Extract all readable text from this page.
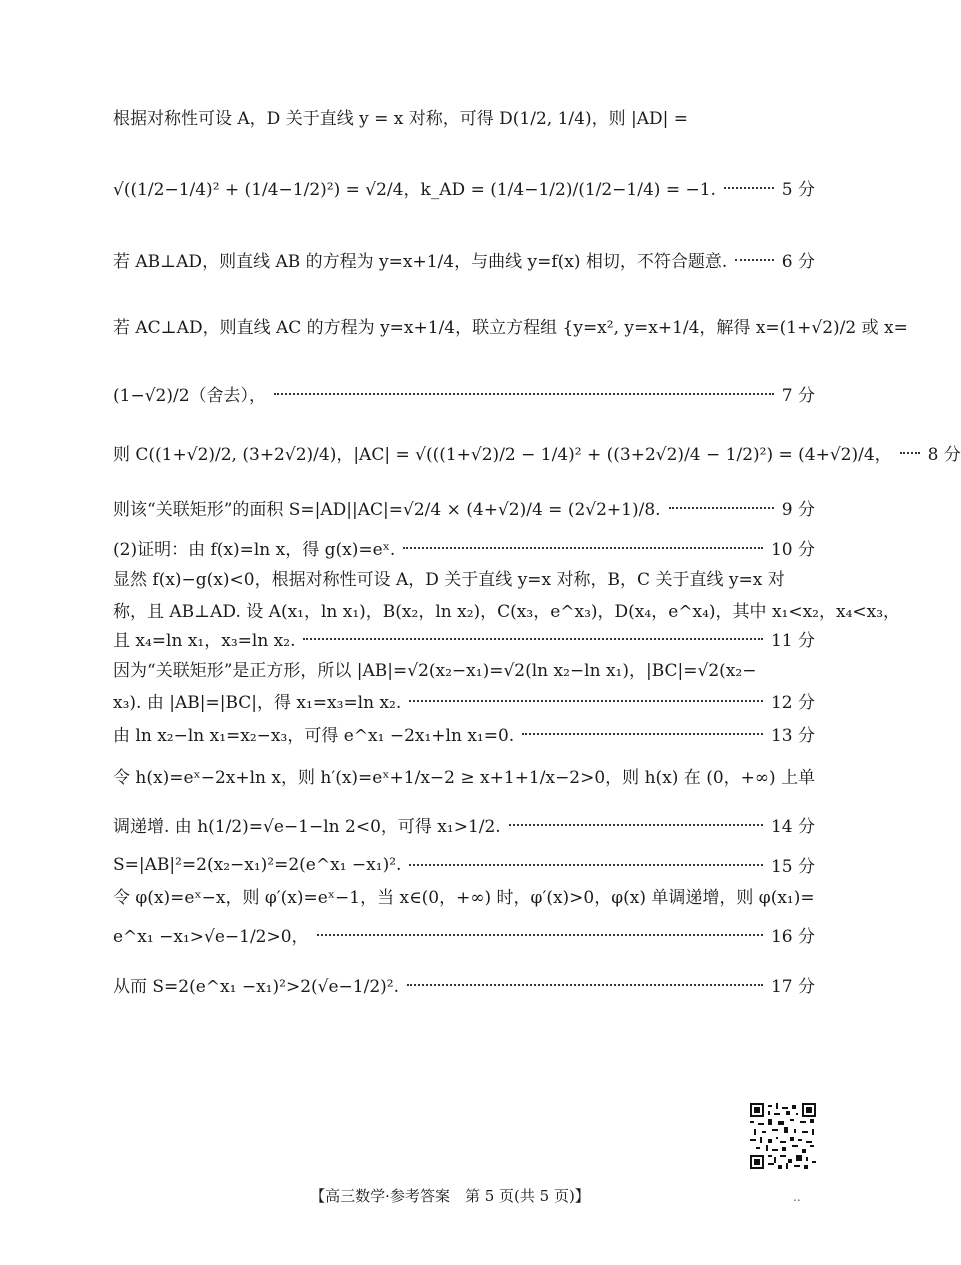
根据对称性可设 A，D 关于直线 y = x 对称，可得 D(1/2, 1/4)，则 |AD| =
√((1/2−1/4)² + (1/4−1/2)²) = √2/4，k_AD = (1/4−1/2)/(1/2−1/4) = −1.	5 分
若 AB⊥AD，则直线 AB 的方程为 y=x+1/4，与曲线 y=f(x) 相切，不符合题意.	6 分
若 AC⊥AD，则直线 AC 的方程为 y=x+1/4，联立方程组 {y=x², y=x+1/4，解得 x=(1+√2)/2 或 x=
(1−√2)/2（舍去），	7 分
则 C((1+√2)/2, (3+2√2)/4)，|AC| = √(((1+√2)/2 − 1/4)² + ((3+2√2)/4 − 1/2)²) = (4+√2)/4， 8 分
则该“关联矩形”的面积 S=|AD||AC|=√2/4 × (4+√2)/4 = (2√2+1)/8.	9 分
(2)证明：由 f(x)=ln x，得 g(x)=eˣ.	10 分
显然 f(x)−g(x)<0，根据对称性可设 A，D 关于直线 y=x 对称，B，C 关于直线 y=x 对
称，且 AB⊥AD. 设 A(x₁，ln x₁)，B(x₂，ln x₂)，C(x₃，e^x₃)，D(x₄，e^x₄)，其中 x₁<x₂，x₄<x₃，
且 x₄=ln x₁，x₃=ln x₂.	11 分
因为“关联矩形”是正方形，所以 |AB|=√2(x₂−x₁)=√2(ln x₂−ln x₁)，|BC|=√2(x₂−
x₃). 由 |AB|=|BC|，得 x₁=x₃=ln x₂.	12 分
由 ln x₂−ln x₁=x₂−x₃，可得 e^x₁ −2x₁+ln x₁=0.	13 分
令 h(x)=eˣ−2x+ln x，则 h′(x)=eˣ+1/x−2 ≥ x+1+1/x−2>0，则 h(x) 在 (0，+∞) 上单
调递增. 由 h(1/2)=√e−1−ln 2<0，可得 x₁>1/2.	14 分
S=|AB|²=2(x₂−x₁)²=2(e^x₁ −x₁)².	15 分
令 φ(x)=eˣ−x，则 φ′(x)=eˣ−1，当 x∈(0，+∞) 时，φ′(x)>0，φ(x) 单调递增，则 φ(x₁)=
e^x₁ −x₁>√e−1/2>0，	16 分
从而 S=2(e^x₁ −x₁)²>2(√e−1/2)².	17 分
【高三数学·参考答案　第 5 页(共 5 页)】	..
